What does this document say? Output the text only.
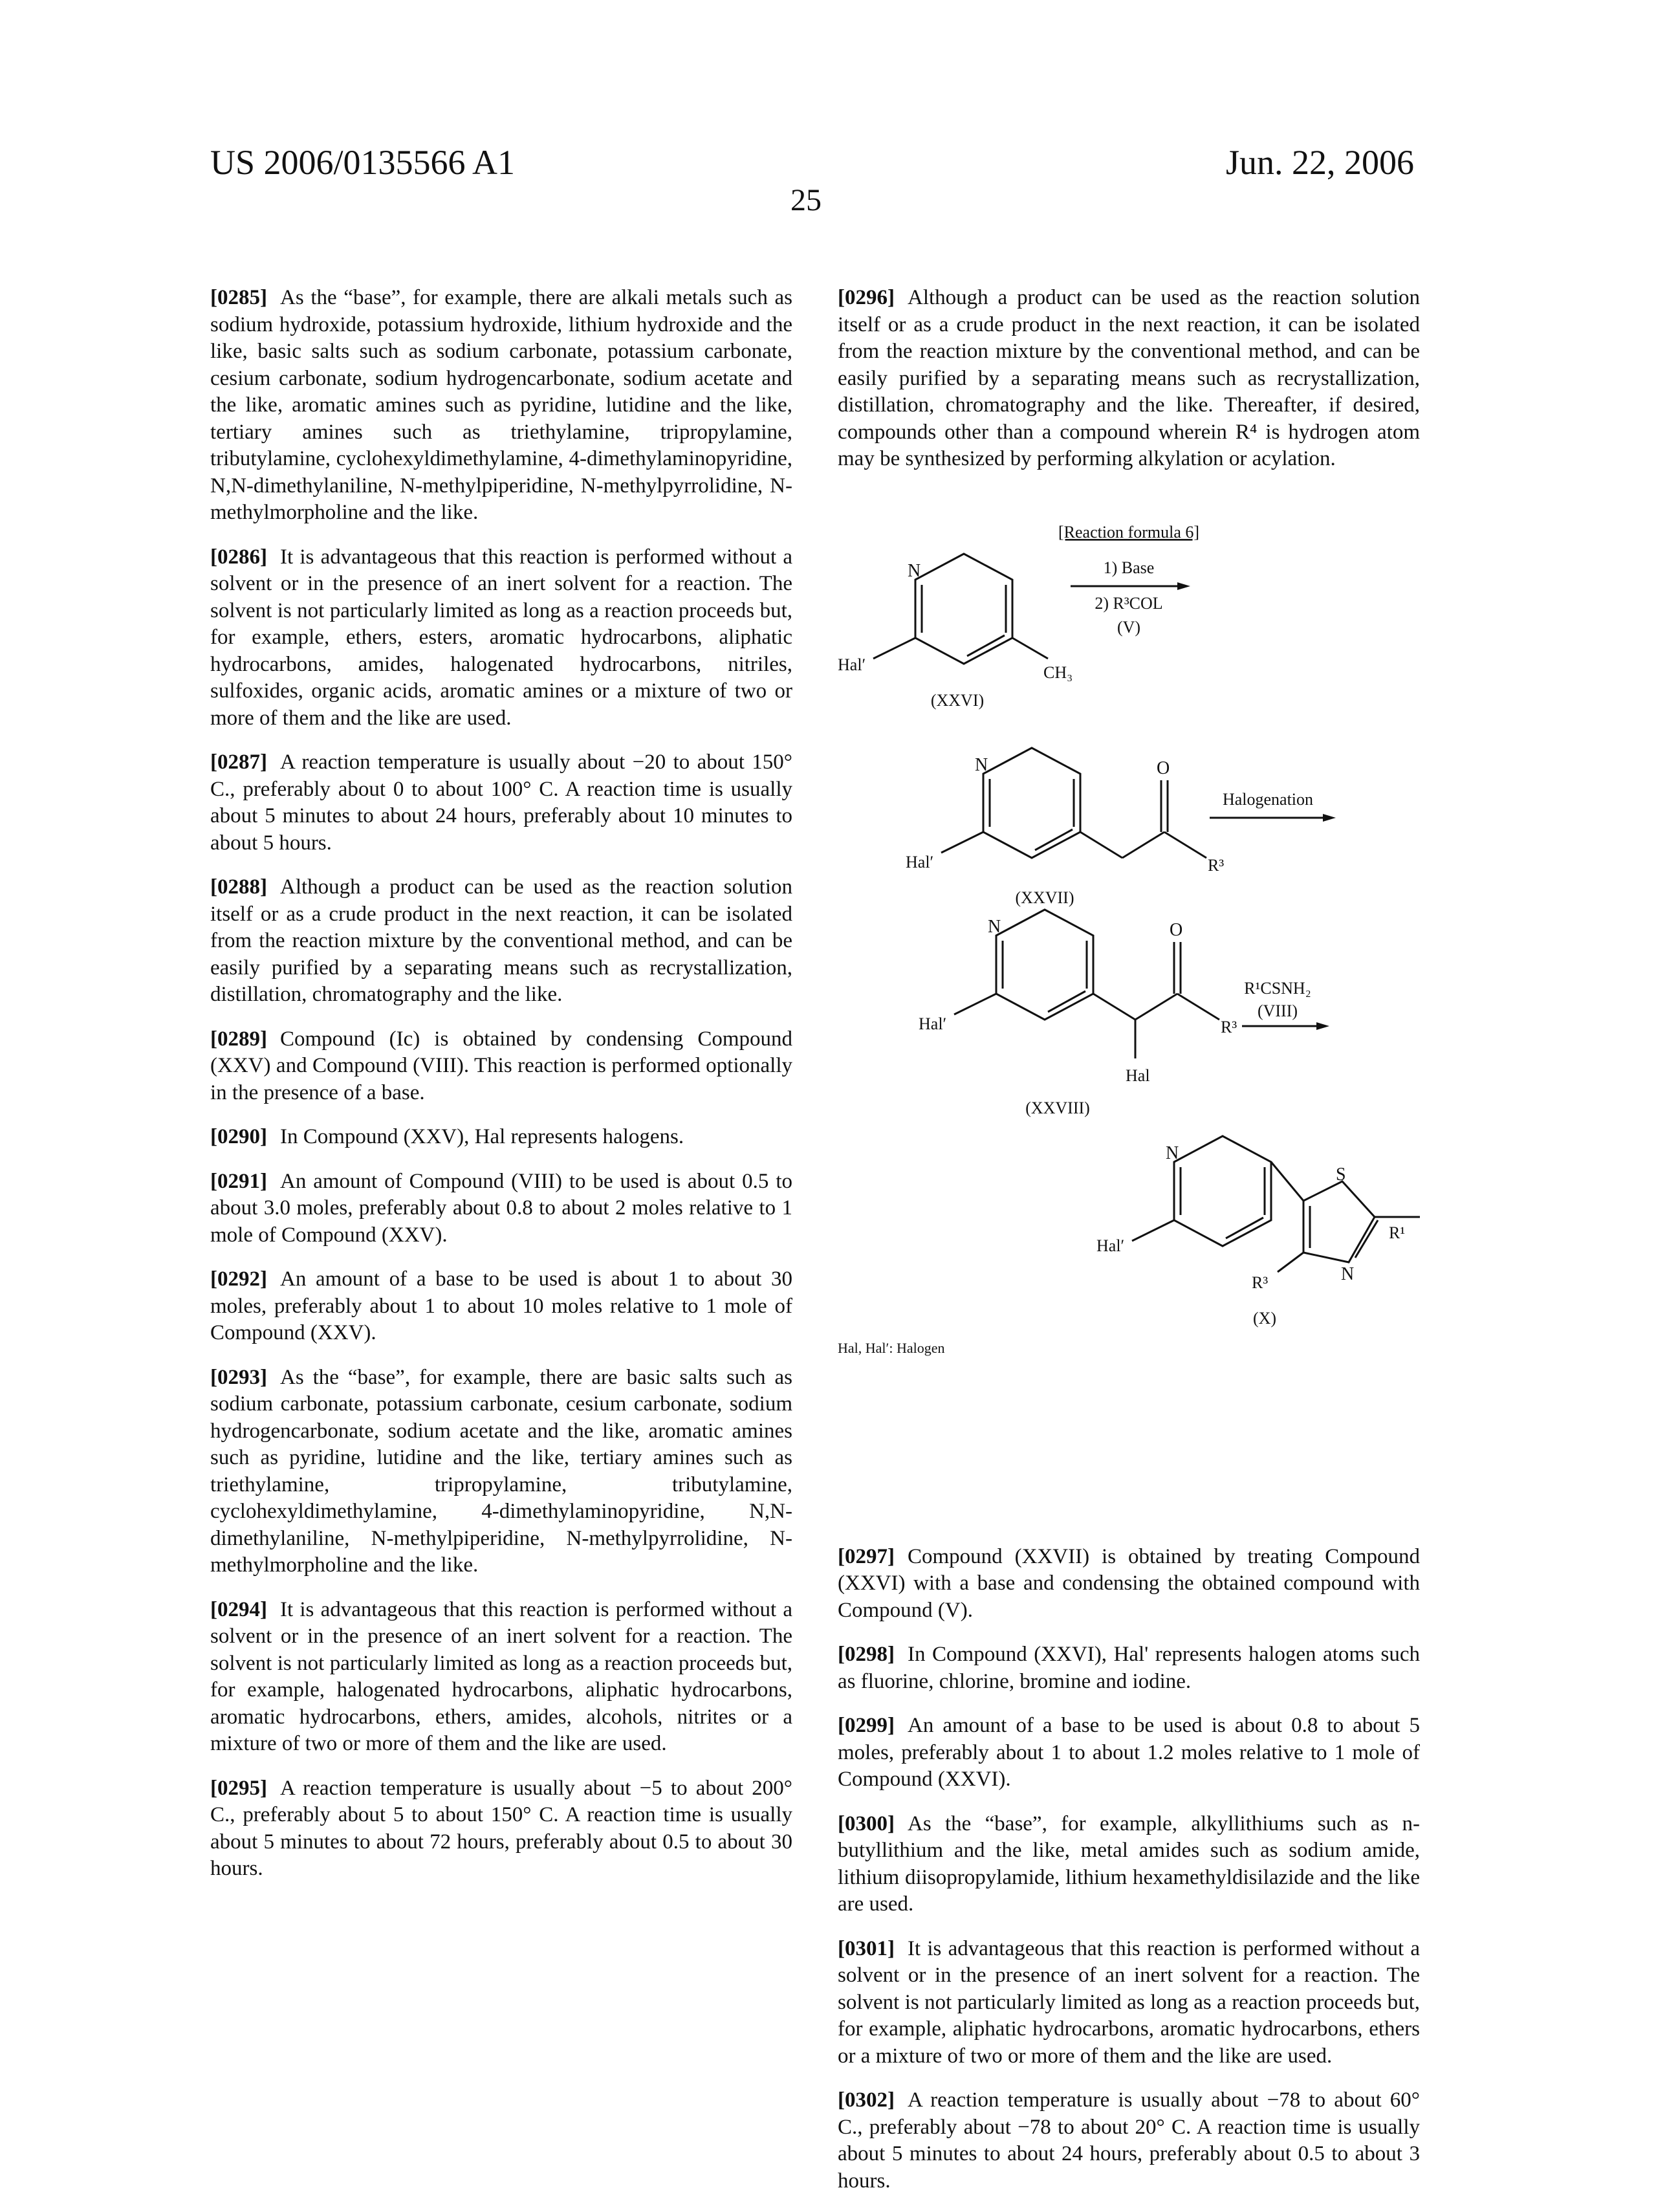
US 2006/0135566 A1	Jun. 22, 2006
25

[0285] As the “base”, for example, there are alkali metals such as sodium hydroxide, potassium hydroxide, lithium hydroxide and the like, basic salts such as sodium carbonate, potassium carbonate, cesium carbonate, sodium hydrogencarbonate, sodium acetate and the like, aromatic amines such as pyridine, lutidine and the like, tertiary amines such as triethylamine, tripropylamine, tributylamine, cyclohexyldimethylamine, 4-dimethylaminopyridine, N,N-dimethylaniline, N-methylpiperidine, N-methylpyrrolidine, N-methylmorpholine and the like.

[0286] It is advantageous that this reaction is performed without a solvent or in the presence of an inert solvent for a reaction. The solvent is not particularly limited as long as a reaction proceeds but, for example, ethers, esters, aromatic hydrocarbons, aliphatic hydrocarbons, amides, halogenated hydrocarbons, nitriles, sulfoxides, organic acids, aromatic amines or a mixture of two or more of them and the like are used.

[0287] A reaction temperature is usually about −20 to about 150° C., preferably about 0 to about 100° C. A reaction time is usually about 5 minutes to about 24 hours, preferably about 10 minutes to about 5 hours.

[0288] Although a product can be used as the reaction solution itself or as a crude product in the next reaction, it can be isolated from the reaction mixture by the conventional method, and can be easily purified by a separating means such as recrystallization, distillation, chromatography and the like.

[0289] Compound (Ic) is obtained by condensing Compound (XXV) and Compound (VIII). This reaction is performed optionally in the presence of a base.

[0290] In Compound (XXV), Hal represents halogens.

[0291] An amount of Compound (VIII) to be used is about 0.5 to about 3.0 moles, preferably about 0.8 to about 2 moles relative to 1 mole of Compound (XXV).

[0292] An amount of a base to be used is about 1 to about 30 moles, preferably about 1 to about 10 moles relative to 1 mole of Compound (XXV).

[0293] As the “base”, for example, there are basic salts such as sodium carbonate, potassium carbonate, cesium carbonate, sodium hydrogencarbonate, sodium acetate and the like, aromatic amines such as pyridine, lutidine and the like, tertiary amines such as triethylamine, tripropylamine, tributylamine, cyclohexyldimethylamine, 4-dimethylaminopyridine, N,N-dimethylaniline, N-methylpiperidine, N-methylpyrrolidine, N-methylmorpholine and the like.

[0294] It is advantageous that this reaction is performed without a solvent or in the presence of an inert solvent for a reaction. The solvent is not particularly limited as long as a reaction proceeds but, for example, halogenated hydrocarbons, aliphatic hydrocarbons, aromatic hydrocarbons, ethers, amides, alcohols, nitrites or a mixture of two or more of them and the like are used.

[0295] A reaction temperature is usually about −5 to about 200° C., preferably about 5 to about 150° C. A reaction time is usually about 5 minutes to about 72 hours, preferably about 0.5 to about 30 hours.

[0296] Although a product can be used as the reaction solution itself or as a crude product in the next reaction, it can be isolated from the reaction mixture by the conventional method, and can be easily purified by a separating means such as recrystallization, distillation, chromatography and the like. Thereafter, if desired, compounds other than a compound wherein R⁴ is hydrogen atom may be synthesized by performing alkylation or acylation.

[Reaction formula 6]
N
Hal′	CH₃
(XXVI)
1) Base
2) R³COL
(V)
N	O
Hal′	R³
(XXVII)
Halogenation
N	O
Hal′	R³
Hal
(XXVIII)
R¹CSNH₂
(VIII)
N
S
N
Hal′
R¹
R³
(X)
Hal, Hal′: Halogen

[0297] Compound (XXVII) is obtained by treating Compound (XXVI) with a base and condensing the obtained compound with Compound (V).

[0298] In Compound (XXVI), Hal' represents halogen atoms such as fluorine, chlorine, bromine and iodine.

[0299] An amount of a base to be used is about 0.8 to about 5 moles, preferably about 1 to about 1.2 moles relative to 1 mole of Compound (XXVI).

[0300] As the “base”, for example, alkyllithiums such as n-butyllithium and the like, metal amides such as sodium amide, lithium diisopropylamide, lithium hexamethyldisilazide and the like are used.

[0301] It is advantageous that this reaction is performed without a solvent or in the presence of an inert solvent for a reaction. The solvent is not particularly limited as long as a reaction proceeds but, for example, aliphatic hydrocarbons, aromatic hydrocarbons, ethers or a mixture of two or more of them and the like are used.

[0302] A reaction temperature is usually about −78 to about 60° C., preferably about −78 to about 20° C. A reaction time is usually about 5 minutes to about 24 hours, preferably about 0.5 to about 3 hours.
